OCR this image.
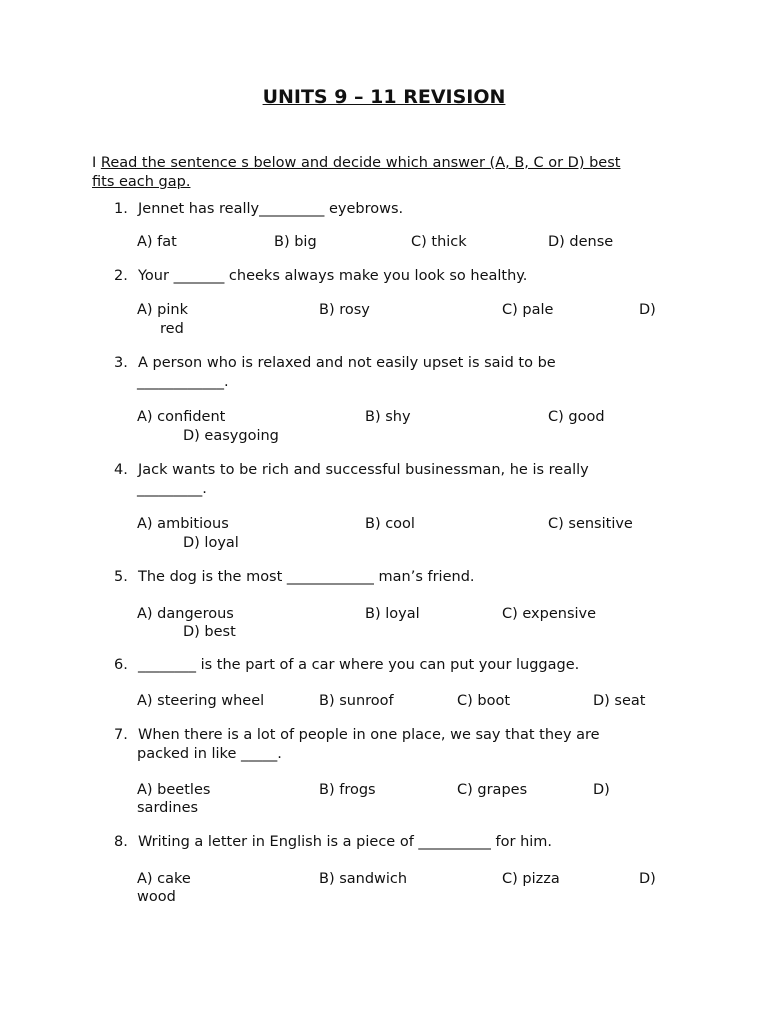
UNITS 9 – 11 REVISION
I Read the sentence s below and decide which answer (A, B, C or D) best
fits each gap.
1. Jennet has really_________ eyebrows.
A) fat	B) big	C) thick	D) dense
2. Your _______ cheeks always make you look so healthy.
A) pink	B) rosy	C) pale	D)
red
3. A person who is relaxed and not easily upset is said to be
____________.
A) confident	B) shy	C) good
D) easygoing
4. Jack wants to be rich and successful businessman, he is really
_________.
A) ambitious	B) cool	C) sensitive
D) loyal
5. The dog is the most ____________ man’s friend.
A) dangerous	B) loyal	C) expensive
D) best
6. ________ is the part of a car where you can put your luggage.
A) steering wheel	B) sunroof	C) boot	D) seat
7. When there is a lot of people in one place, we say that they are
packed in like _____.
A) beetles	B) frogs	C) grapes	D)
sardines
8. Writing a letter in English is a piece of __________ for him.
A) cake	B) sandwich	C) pizza	D)
wood
